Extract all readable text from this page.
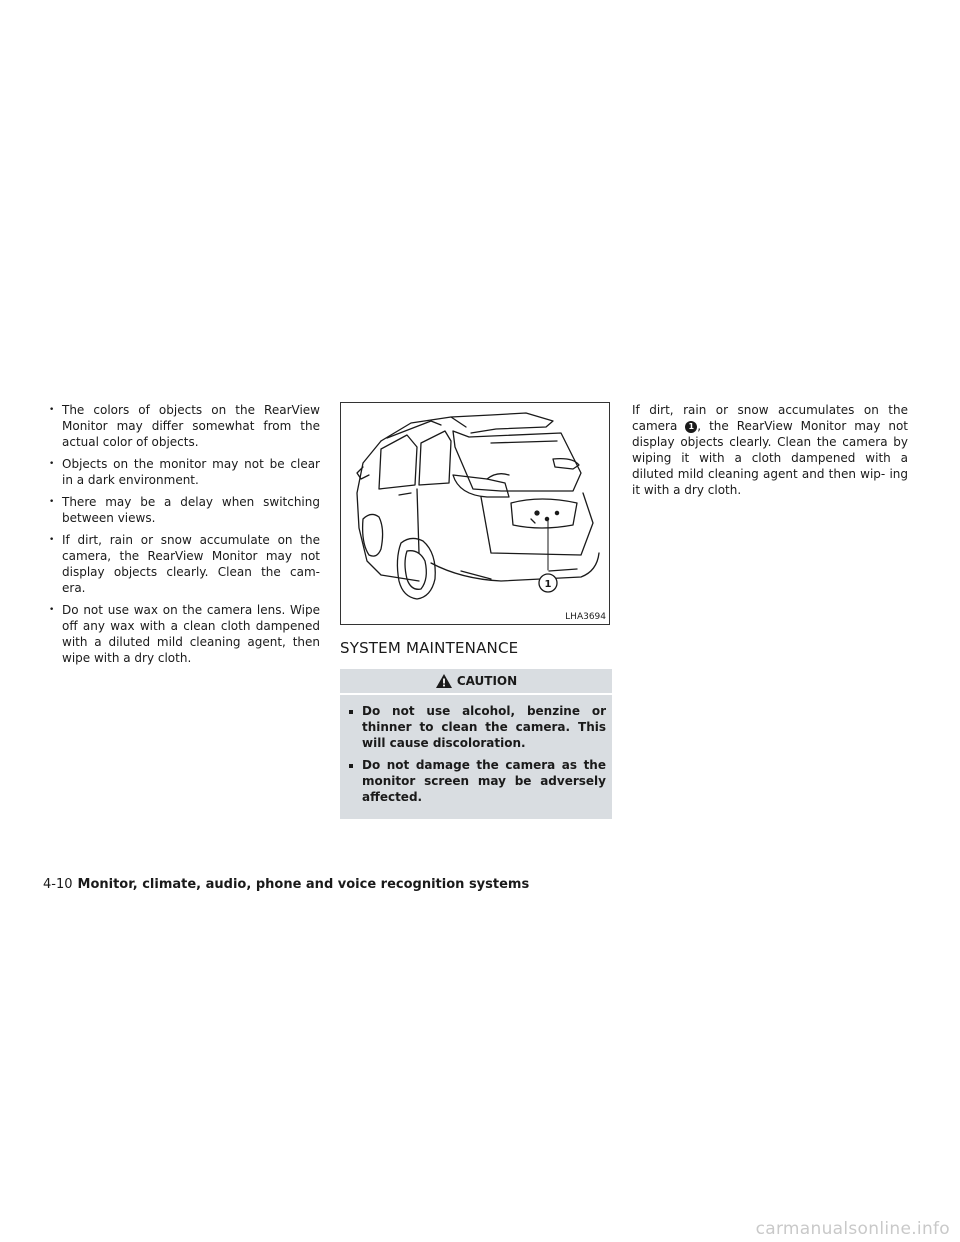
• The colors of objects on the RearView Monitor may differ somewhat from the actual color of objects.
• Objects on the monitor may not be clear in a dark environment.
• There may be a delay when switching between views.
• If dirt, rain or snow accumulate on the camera, the RearView Monitor may not display objects clearly. Clean the cam- era.
• Do not use wax on the camera lens. Wipe off any wax with a clean cloth dampened with a diluted mild cleaning agent, then wipe with a dry cloth.
1
LHA3694
SYSTEM MAINTENANCE
CAUTION
Do not use alcohol, benzine or thinner to clean the camera. This will cause discoloration.
Do not damage the camera as the monitor screen may be adversely affected.

If dirt, rain or snow accumulates on the camera 1 , the RearView Monitor may not display objects clearly. Clean the camera by wiping it with a cloth dampened with a diluted mild cleaning agent and then wip- ing it with a dry cloth.

4-10 Monitor, climate, audio, phone and voice recognition systems
carmanualsonline.info
